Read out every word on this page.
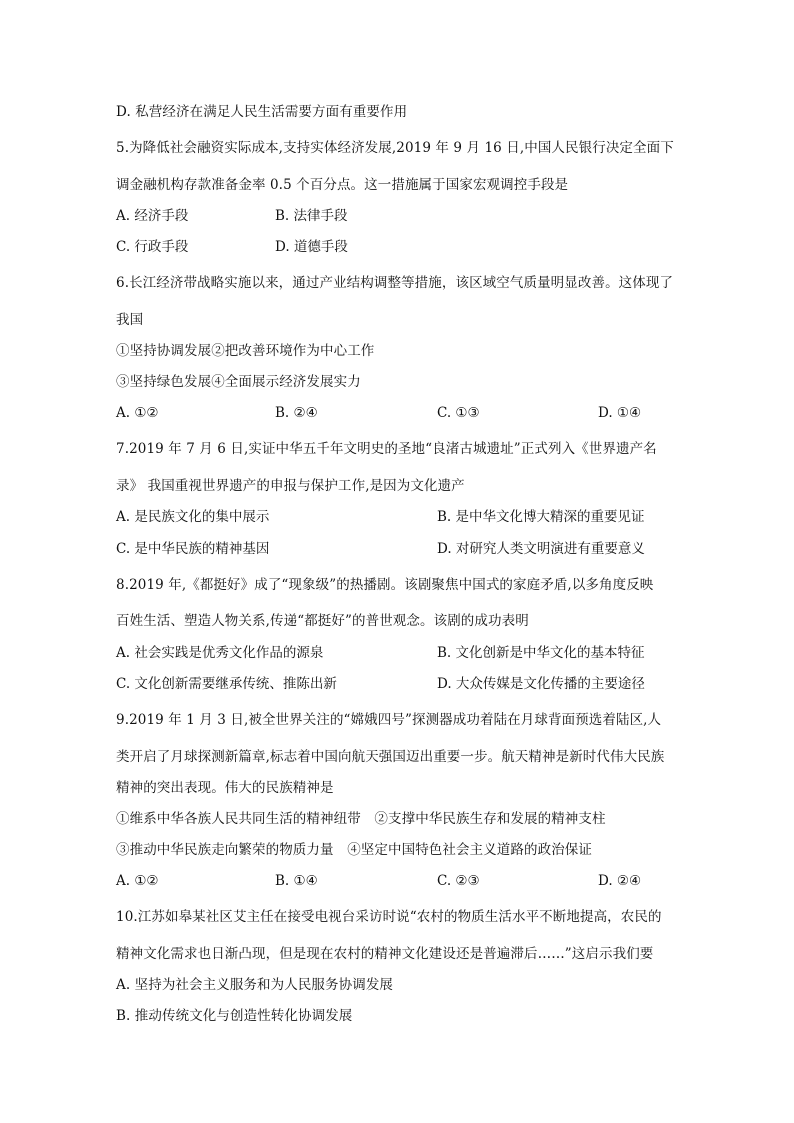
D. 私营经济在满足人民生活需要方面有重要作用
5.为降低社会融资实际成本,支持实体经济发展,2019 年 9 月 16 日,中国人民银行决定全面下
调金融机构存款准备金率 0.5 个百分点。这一措施属于国家宏观调控手段是
A. 经济手段	B. 法律手段
C. 行政手段	D. 道德手段
6.长江经济带战略实施以来，通过产业结构调整等措施，该区域空气质量明显改善。这体现了
我国
①坚持协调发展②把改善环境作为中心工作
③坚持绿色发展④全面展示经济发展实力
A. ①②	B. ②④	C. ①③	D. ①④
7.2019 年 7 月 6 日,实证中华五千年文明史的圣地“良渚古城遗址”正式列入《世界遗产名
录》 我国重视世界遗产的申报与保护工作,是因为文化遗产
A. 是民族文化的集中展示	B. 是中华文化博大精深的重要见证
C. 是中华民族的精神基因	D. 对研究人类文明演进有重要意义
8.2019 年,《都挺好》成了“现象级”的热播剧。该剧聚焦中国式的家庭矛盾,以多角度反映
百姓生活、塑造人物关系,传递“都挺好”的普世观念。该剧的成功表明
A. 社会实践是优秀文化作品的源泉	B. 文化创新是中华文化的基本特征
C. 文化创新需要继承传统、推陈出新	D. 大众传媒是文化传播的主要途径
9.2019 年 1 月 3 日,被全世界关注的“嫦娥四号”探测器成功着陆在月球背面预选着陆区,人
类开启了月球探测新篇章,标志着中国向航天强国迈出重要一步。航天精神是新时代伟大民族
精神的突出表现。伟大的民族精神是
①维系中华各族人民共同生活的精神纽带　②支撑中华民族生存和发展的精神支柱
③推动中华民族走向繁荣的物质力量　④坚定中国特色社会主义道路的政治保证
A. ①②	B. ①④	C. ②③	D. ②④
10.江苏如皋某社区艾主任在接受电视台采访时说“农村的物质生活水平不断地提高，农民的
精神文化需求也日渐凸现，但是现在农村的精神文化建设还是普遍滞后……”这启示我们要
A. 坚持为社会主义服务和为人民服务协调发展
B. 推动传统文化与创造性转化协调发展
